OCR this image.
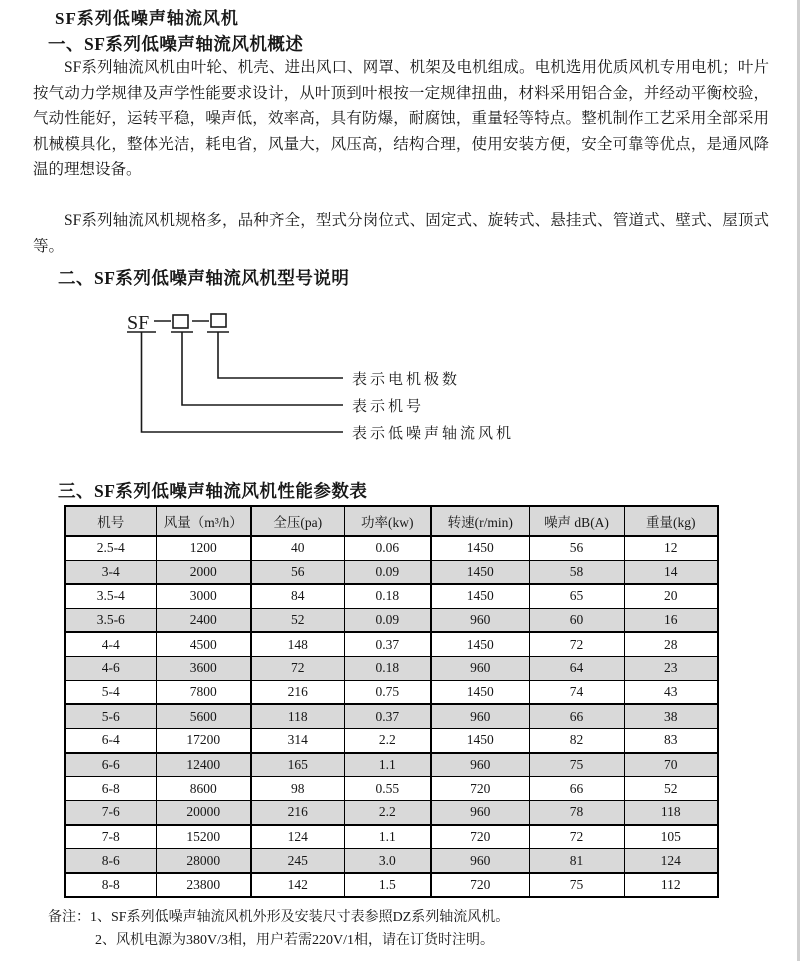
SF系列低噪声轴流风机
一、SF系列低噪声轴流风机概述

SF系列轴流风机由叶轮、机壳、进出风口、网罩、机架及电机组成。电机选用优质风机专用电机；叶片按气动力学规律及声学性能要求设计，从叶顶到叶根按一定规律扭曲，材料采用铝合金，并经动平衡校验，气动性能好，运转平稳，噪声低，效率高，具有防爆，耐腐蚀，重量轻等特点。整机制作工艺采用全部采用机械模具化，整体光洁，耗电省，风量大，风压高，结构合理，使用安装方便，安全可靠等优点，是通风降温的理想设备。

SF系列轴流风机规格多，品种齐全，型式分岗位式、固定式、旋转式、悬挂式、管道式、壁式、屋顶式等。

二、SF系列低噪声轴流风机型号说明
SF
表示电机极数
表示机号
表示低噪声轴流风机
三、SF系列低噪声轴流风机性能参数表
机号	风量（m³/h）	全压(pa)	功率(kw)	转速(r/min)	噪声 dB(A)	重量(kg)
2.5-4	1200	40	0.06	1450	56	12
3-4	2000	56	0.09	1450	58	14
3.5-4	3000	84	0.18	1450	65	20
3.5-6	2400	52	0.09	960	60	16
4-4	4500	148	0.37	1450	72	28
4-6	3600	72	0.18	960	64	23
5-4	7800	216	0.75	1450	74	43
5-6	5600	118	0.37	960	66	38
6-4	17200	314	2.2	1450	82	83
6-6	12400	165	1.1	960	75	70
6-8	8600	98	0.55	720	66	52
7-6	20000	216	2.2	960	78	118
7-8	15200	124	1.1	720	72	105
8-6	28000	245	3.0	960	81	124
8-8	23800	142	1.5	720	75	112
备注：1、SF系列低噪声轴流风机外形及安装尺寸表参照DZ系列轴流风机。
2、风机电源为380V/3相，用户若需220V/1相，请在订货时注明。
